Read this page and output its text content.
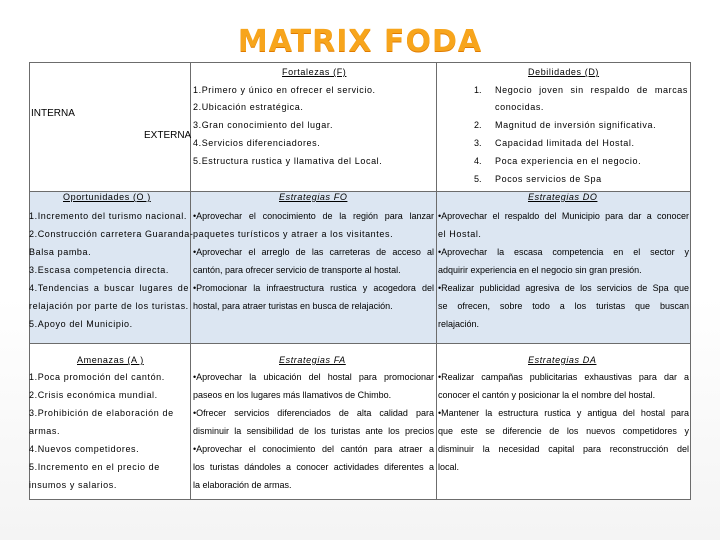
MATRIX FODA
INTERNA
EXTERNA
Fortalezas (F)
1.Primero y único en ofrecer el servicio.
2.Ubicación estratégica.
3.Gran conocimiento del lugar.
4.Servicios diferenciadores.
5.Estructura rustica y llamativa del Local.
Debilidades (D)
1. Negocio joven sin respaldo de marcas
conocidas.
2. Magnitud de inversión significativa.
3. Capacidad limitada del Hostal.
4. Poca experiencia en el negocio.
5. Pocos servicios de Spa
Oportunidades (O )
1.Incremento del turismo nacional.
2.Construcción carretera Guaranda-
Balsa pamba.
3.Escasa competencia directa.
4.Tendencias a buscar lugares de
relajación por parte de los turistas.
5.Apoyo del Municipio.
Estrategias FO
•Aprovechar el conocimiento de la región para lanzar
paquetes turísticos y atraer a los visitantes.
•Aprovechar el arreglo de las carreteras de acceso al
cantón, para ofrecer servicio de transporte al hostal.
•Promocionar la infraestructura rustica y acogedora del
hostal, para atraer turistas en busca de relajación.
Estrategias DO
•Aprovechar el respaldo del Municipio para dar a conocer
el Hostal.
•Aprovechar la escasa competencia en el sector y
adquirir experiencia en el negocio sin gran presión.
•Realizar publicidad agresiva de los servicios de Spa que
se ofrecen, sobre todo a los turistas que buscan
relajación.
Amenazas (A )
1.Poca promoción del cantón.
2.Crisis económica mundial.
3.Prohibición de elaboración de
armas.
4.Nuevos competidores.
5.Incremento en el precio de
insumos y salarios.
Estrategias FA
•Aprovechar la ubicación del hostal para promocionar
paseos en los lugares más llamativos de Chimbo.
•Ofrecer servicios diferenciados de alta calidad para
disminuir la sensibilidad de los turistas ante los precios
•Aprovechar el conocimiento del cantón para atraer a
los turistas dándoles a conocer actividades diferentes a
la elaboración de armas.
Estrategias DA
•Realizar campañas publicitarias exhaustivas para dar a
conocer el cantón y posicionar la el nombre del hostal.
•Mantener la estructura rustica y antigua del hostal para
que este se diferencie de los nuevos competidores y
disminuir la necesidad capital para reconstrucción del
local.
